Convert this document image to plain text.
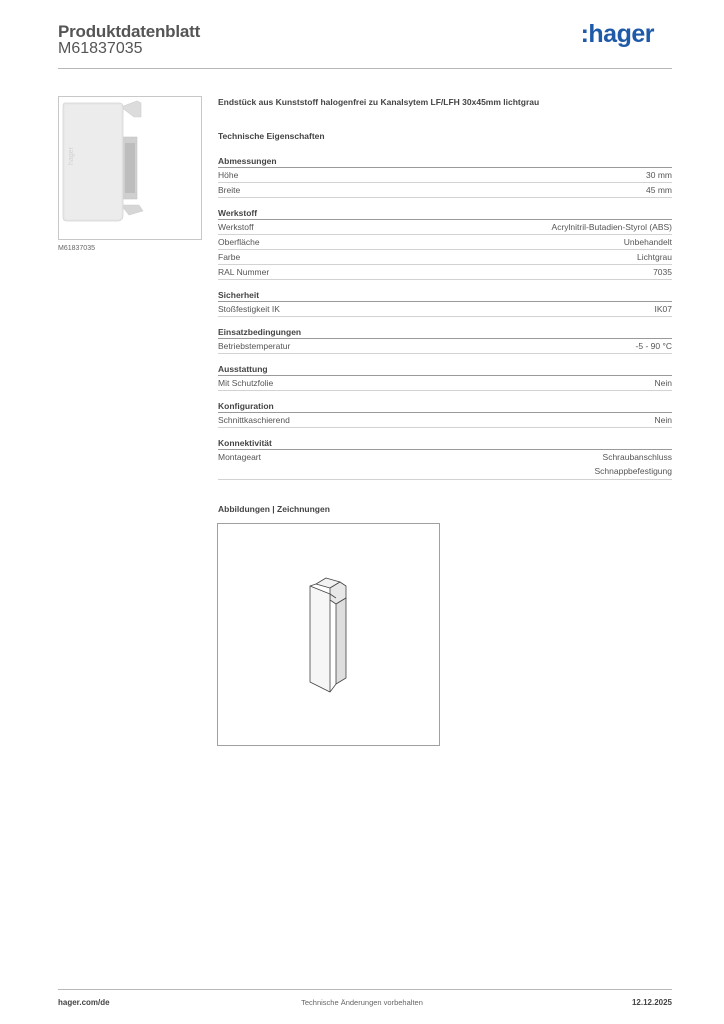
Produktdatenblatt
M61837035
:hager
hager
M61837035
Endstück aus Kunststoff halogenfrei zu Kanalsytem LF/LFH 30x45mm lichtgrau
Technische Eigenschaften
Abmessungen
Höhe	30 mm
Breite	45 mm
Werkstoff
Werkstoff	Acrylnitril-Butadien-Styrol (ABS)
Oberfläche	Unbehandelt
Farbe	Lichtgrau
RAL Nummer	7035
Sicherheit
Stoßfestigkeit IK	IK07
Einsatzbedingungen
Betriebstemperatur	-5 - 90 °C
Ausstattung
Mit Schutzfolie	Nein
Konfiguration
Schnittkaschierend	Nein
Konnektivität
Montageart	Schraubanschluss
Schnappbefestigung
Abbildungen | Zeichnungen
hager.com/de	Technische Änderungen vorbehalten	12.12.2025
